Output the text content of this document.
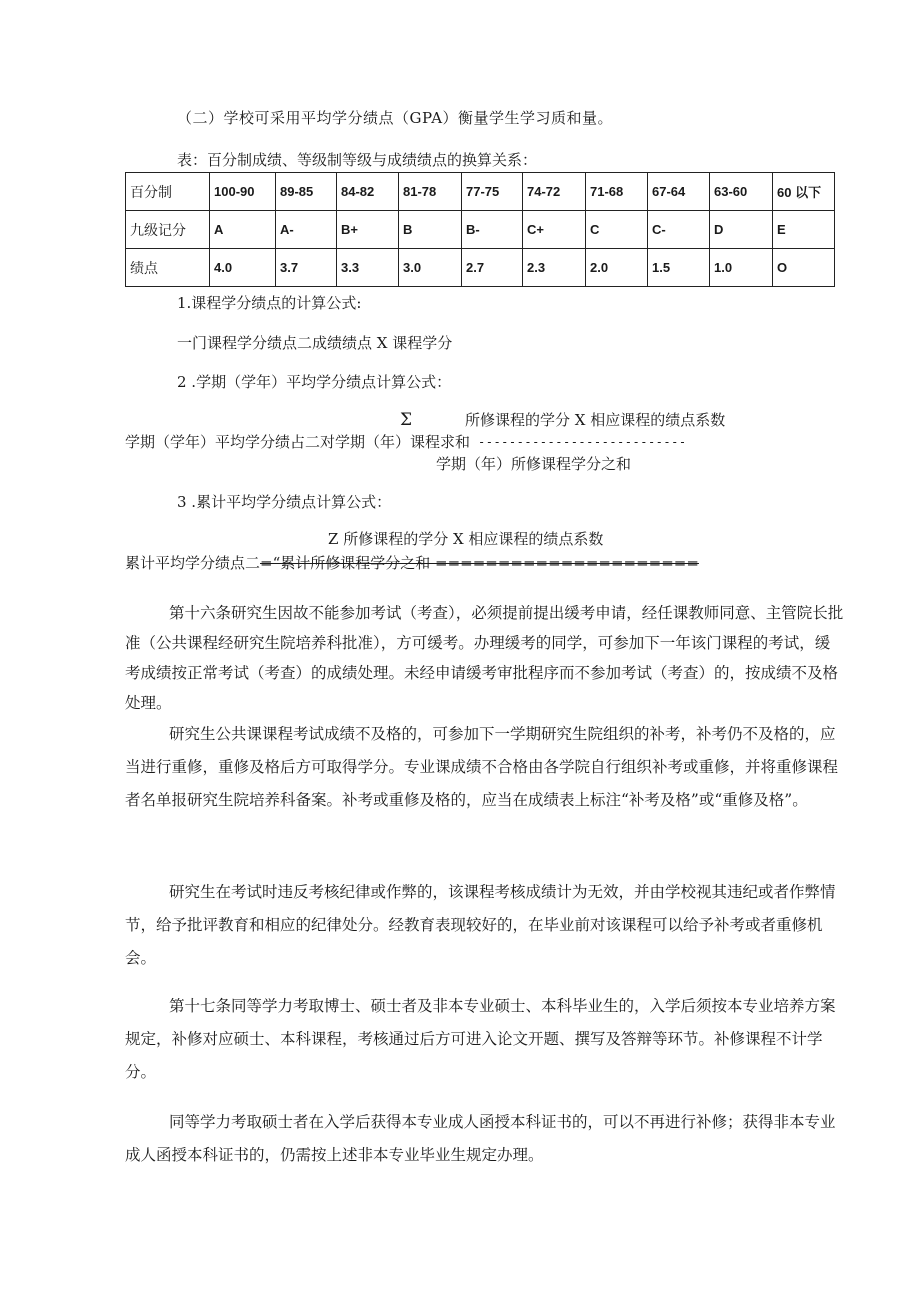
（二）学校可采用平均学分绩点（GPA）衡量学生学习质和量。
表：百分制成绩、等级制等级与成绩绩点的换算关系：
百分制	100-90	89-85	84-82	81-78	77-75	74-72	71-68	67-64	63-60	60 以下
九级记分	A	A-	B+	B	B-	C+	C	C-	D	E
绩点	4.0	3.7	3.3	3.0	2.7	2.3	2.0	1.5	1.0	O
1.课程学分绩点的计算公式:
一门课程学分绩点二成绩绩点 X 课程学分
2 .学期（学年）平均学分绩点计算公式：
Σ	所修课程的学分 X 相应课程的绩点系数
学期（学年）平均学分绩占二对学期（年）课程求和 ---------------------------
学期（年）所修课程学分之和
3 .累计平均学分绩点计算公式：
Z 所修课程的学分 X 相应课程的绩点系数
累计平均学分绩点二 =“累计所修课程学分之和 =====================

第十六条研究生因故不能参加考试（考查），必须提前提出缓考申请，经任课教师同意、主管院长批准（公共课程经研究生院培养科批准），方可缓考。办理缓考的同学，可参加下一年该门课程的考试，缓考成绩按正常考试（考查）的成绩处理。未经申请缓考审批程序而不参加考试（考查）的，按成绩不及格处理。

研究生公共课课程考试成绩不及格的，可参加下一学期研究生院组织的补考，补考仍不及格的，应当进行重修，重修及格后方可取得学分。专业课成绩不合格由各学院自行组织补考或重修，并将重修课程者名单报研究生院培养科备案。补考或重修及格的，应当在成绩表上标注“补考及格”或“重修及格”。

研究生在考试时违反考核纪律或作弊的，该课程考核成绩计为无效，并由学校视其违纪或者作弊情节，给予批评教育和相应的纪律处分。经教育表现较好的，在毕业前对该课程可以给予补考或者重修机会。

第十七条同等学力考取博士、硕士者及非本专业硕士、本科毕业生的，入学后须按本专业培养方案规定，补修对应硕士、本科课程，考核通过后方可进入论文开题、撰写及答辩等环节。补修课程不计学分。

同等学力考取硕士者在入学后获得本专业成人函授本科证书的，可以不再进行补修；获得非本专业成人函授本科证书的，仍需按上述非本专业毕业生规定办理。
